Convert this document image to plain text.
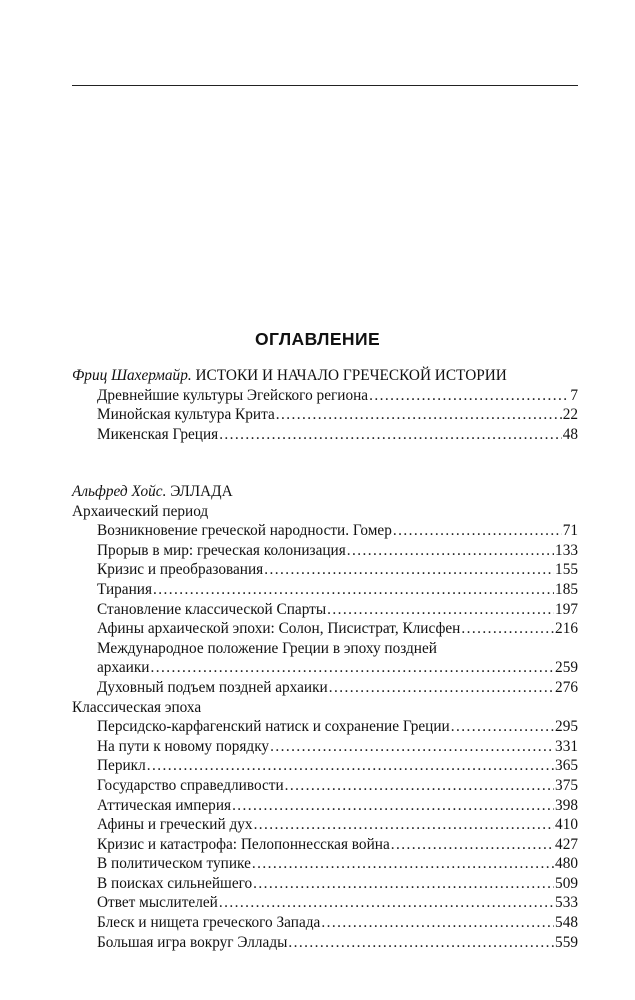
ОГЛАВЛЕНИЕ
Фриц Шахермайр. ИСТОКИ И НАЧАЛО ГРЕЧЕСКОЙ ИСТОРИИ
Древнейшие культуры Эгейского региона . . .	7
Минойская культура Крита . . .	22
Микенская Греция . . .	48
Альфред Хойс. ЭЛЛАДА
Архаический период
Возникновение греческой народности. Гомер . . .	71
Прорыв в мир: греческая колонизация . . .	133
Кризис и преобразования . . .	155
Тирания . . .	185
Становление классической Спарты . . .	197
Афины архаической эпохи: Солон, Писистрат, Клисфен . . .	216
Международное положение Греции в эпоху поздней
архаики . . .	259
Духовный подъем поздней архаики . . .	276
Классическая эпоха
Персидско-карфагенский натиск и сохранение Греции . . .	295
На пути к новому порядку . . .	331
Перикл . . .	365
Государство справедливости . . .	375
Аттическая империя . . .	398
Афины и греческий дух . . .	410
Кризис и катастрофа: Пелопоннесская война . . .	427
В политическом тупике . . .	480
В поисках сильнейшего . . .	509
Ответ мыслителей . . .	533
Блеск и нищета греческого Запада . . .	548
Большая игра вокруг Эллады . . .	559
